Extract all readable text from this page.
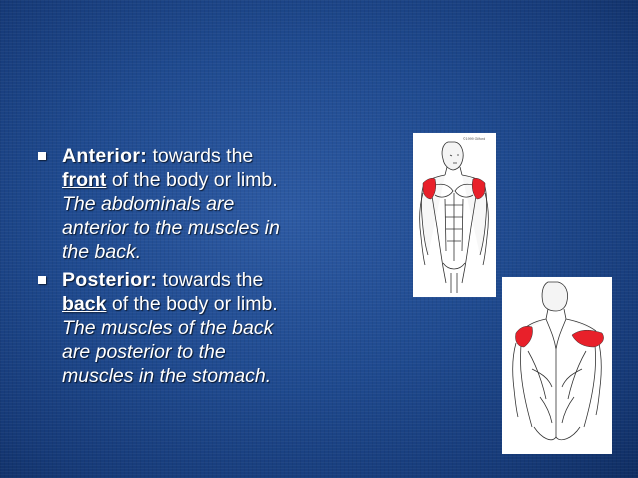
Anterior: towards the
front of the body or limb.
The abdominals are
anterior to the muscles in
the back.
Posterior: towards the
back of the body or limb.
The muscles of the back
are posterior to the
muscles in the stomach.
©1999 Gilford
